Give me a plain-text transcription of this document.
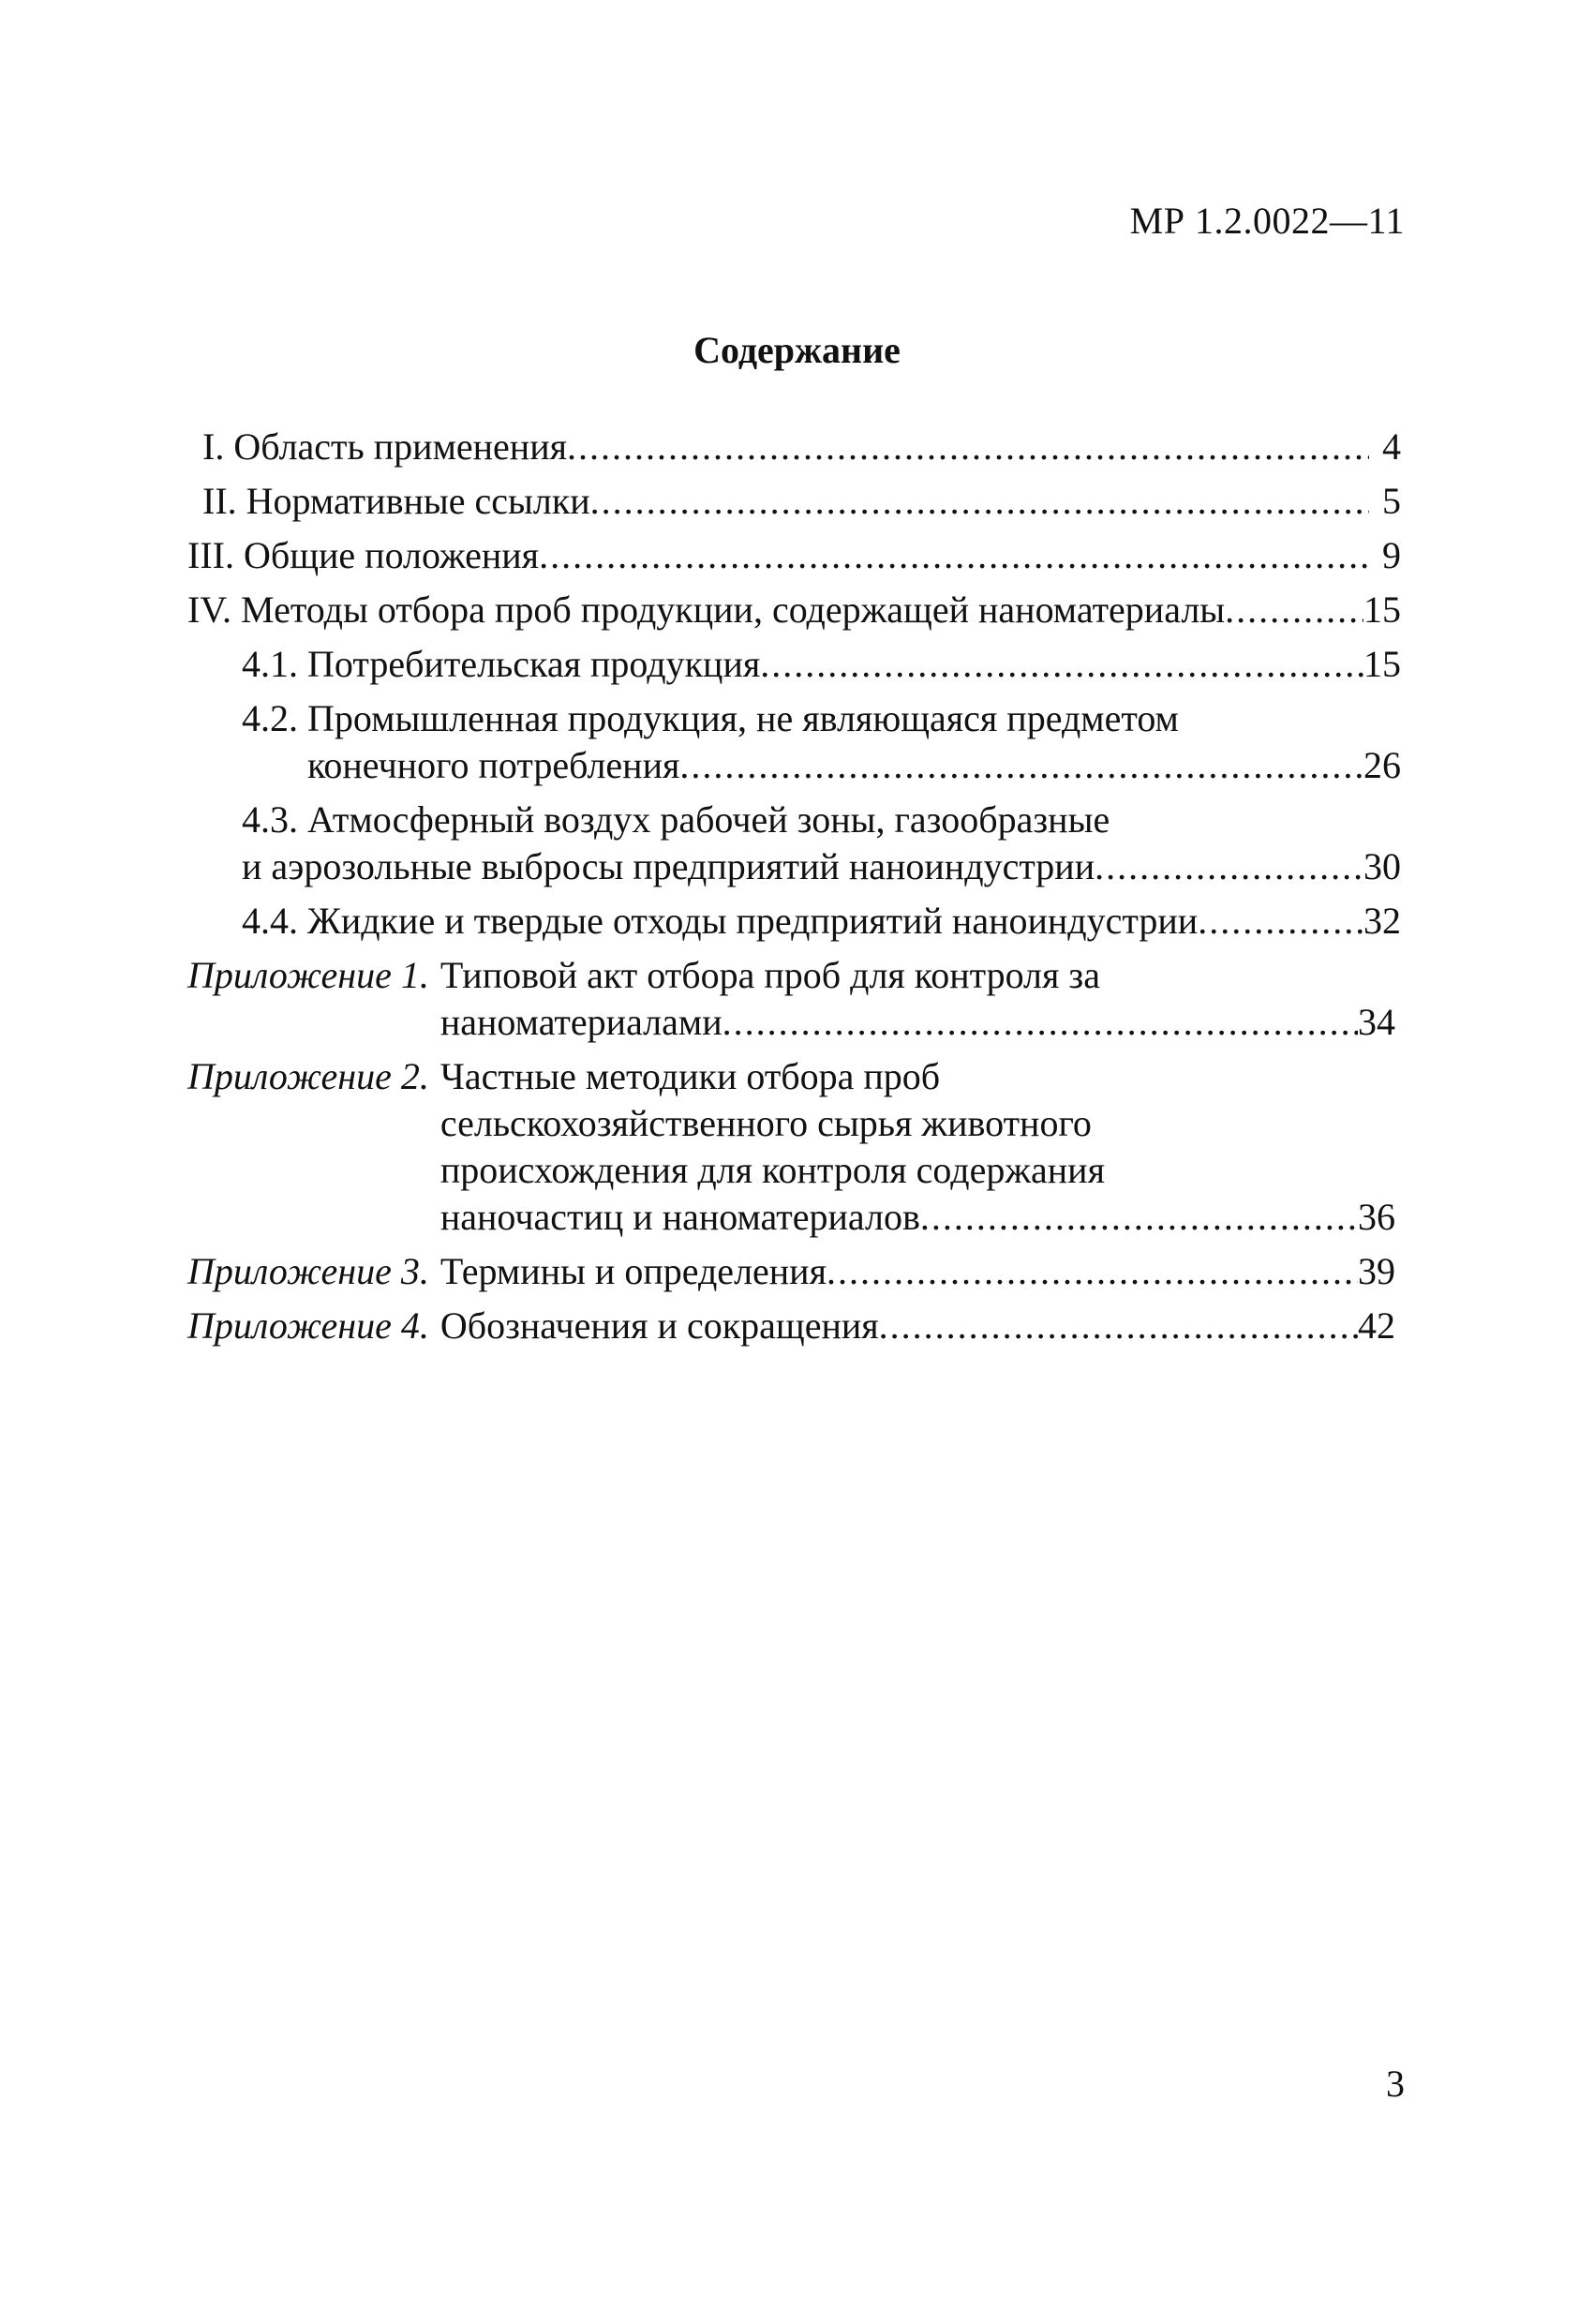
МР 1.2.0022—11
Содержание
I. Область применения .....	4
II. Нормативные ссылки .....	5
III. Общие положения .....	9
IV. Методы отбора проб продукции, содержащей наноматериалы .....	15
4.1. Потребительская продукция .....	15
4.2. Промышленная продукция, не являющаяся предметом
конечного потребления .....	26
4.3. Атмосферный воздух рабочей зоны, газообразные
и аэрозольные выбросы предприятий наноиндустрии .....	30
4.4. Жидкие и твердые отходы предприятий наноиндустрии .....	32
Приложение 1. Типовой акт отбора проб для контроля за
наноматериалами .....	34
Приложение 2. Частные методики отбора проб
сельскохозяйственного сырья животного
происхождения для контроля содержания
наночастиц и наноматериалов .....	36
Приложение 3. Термины и определения .....	39
Приложение 4. Обозначения и сокращения .....	42
3
